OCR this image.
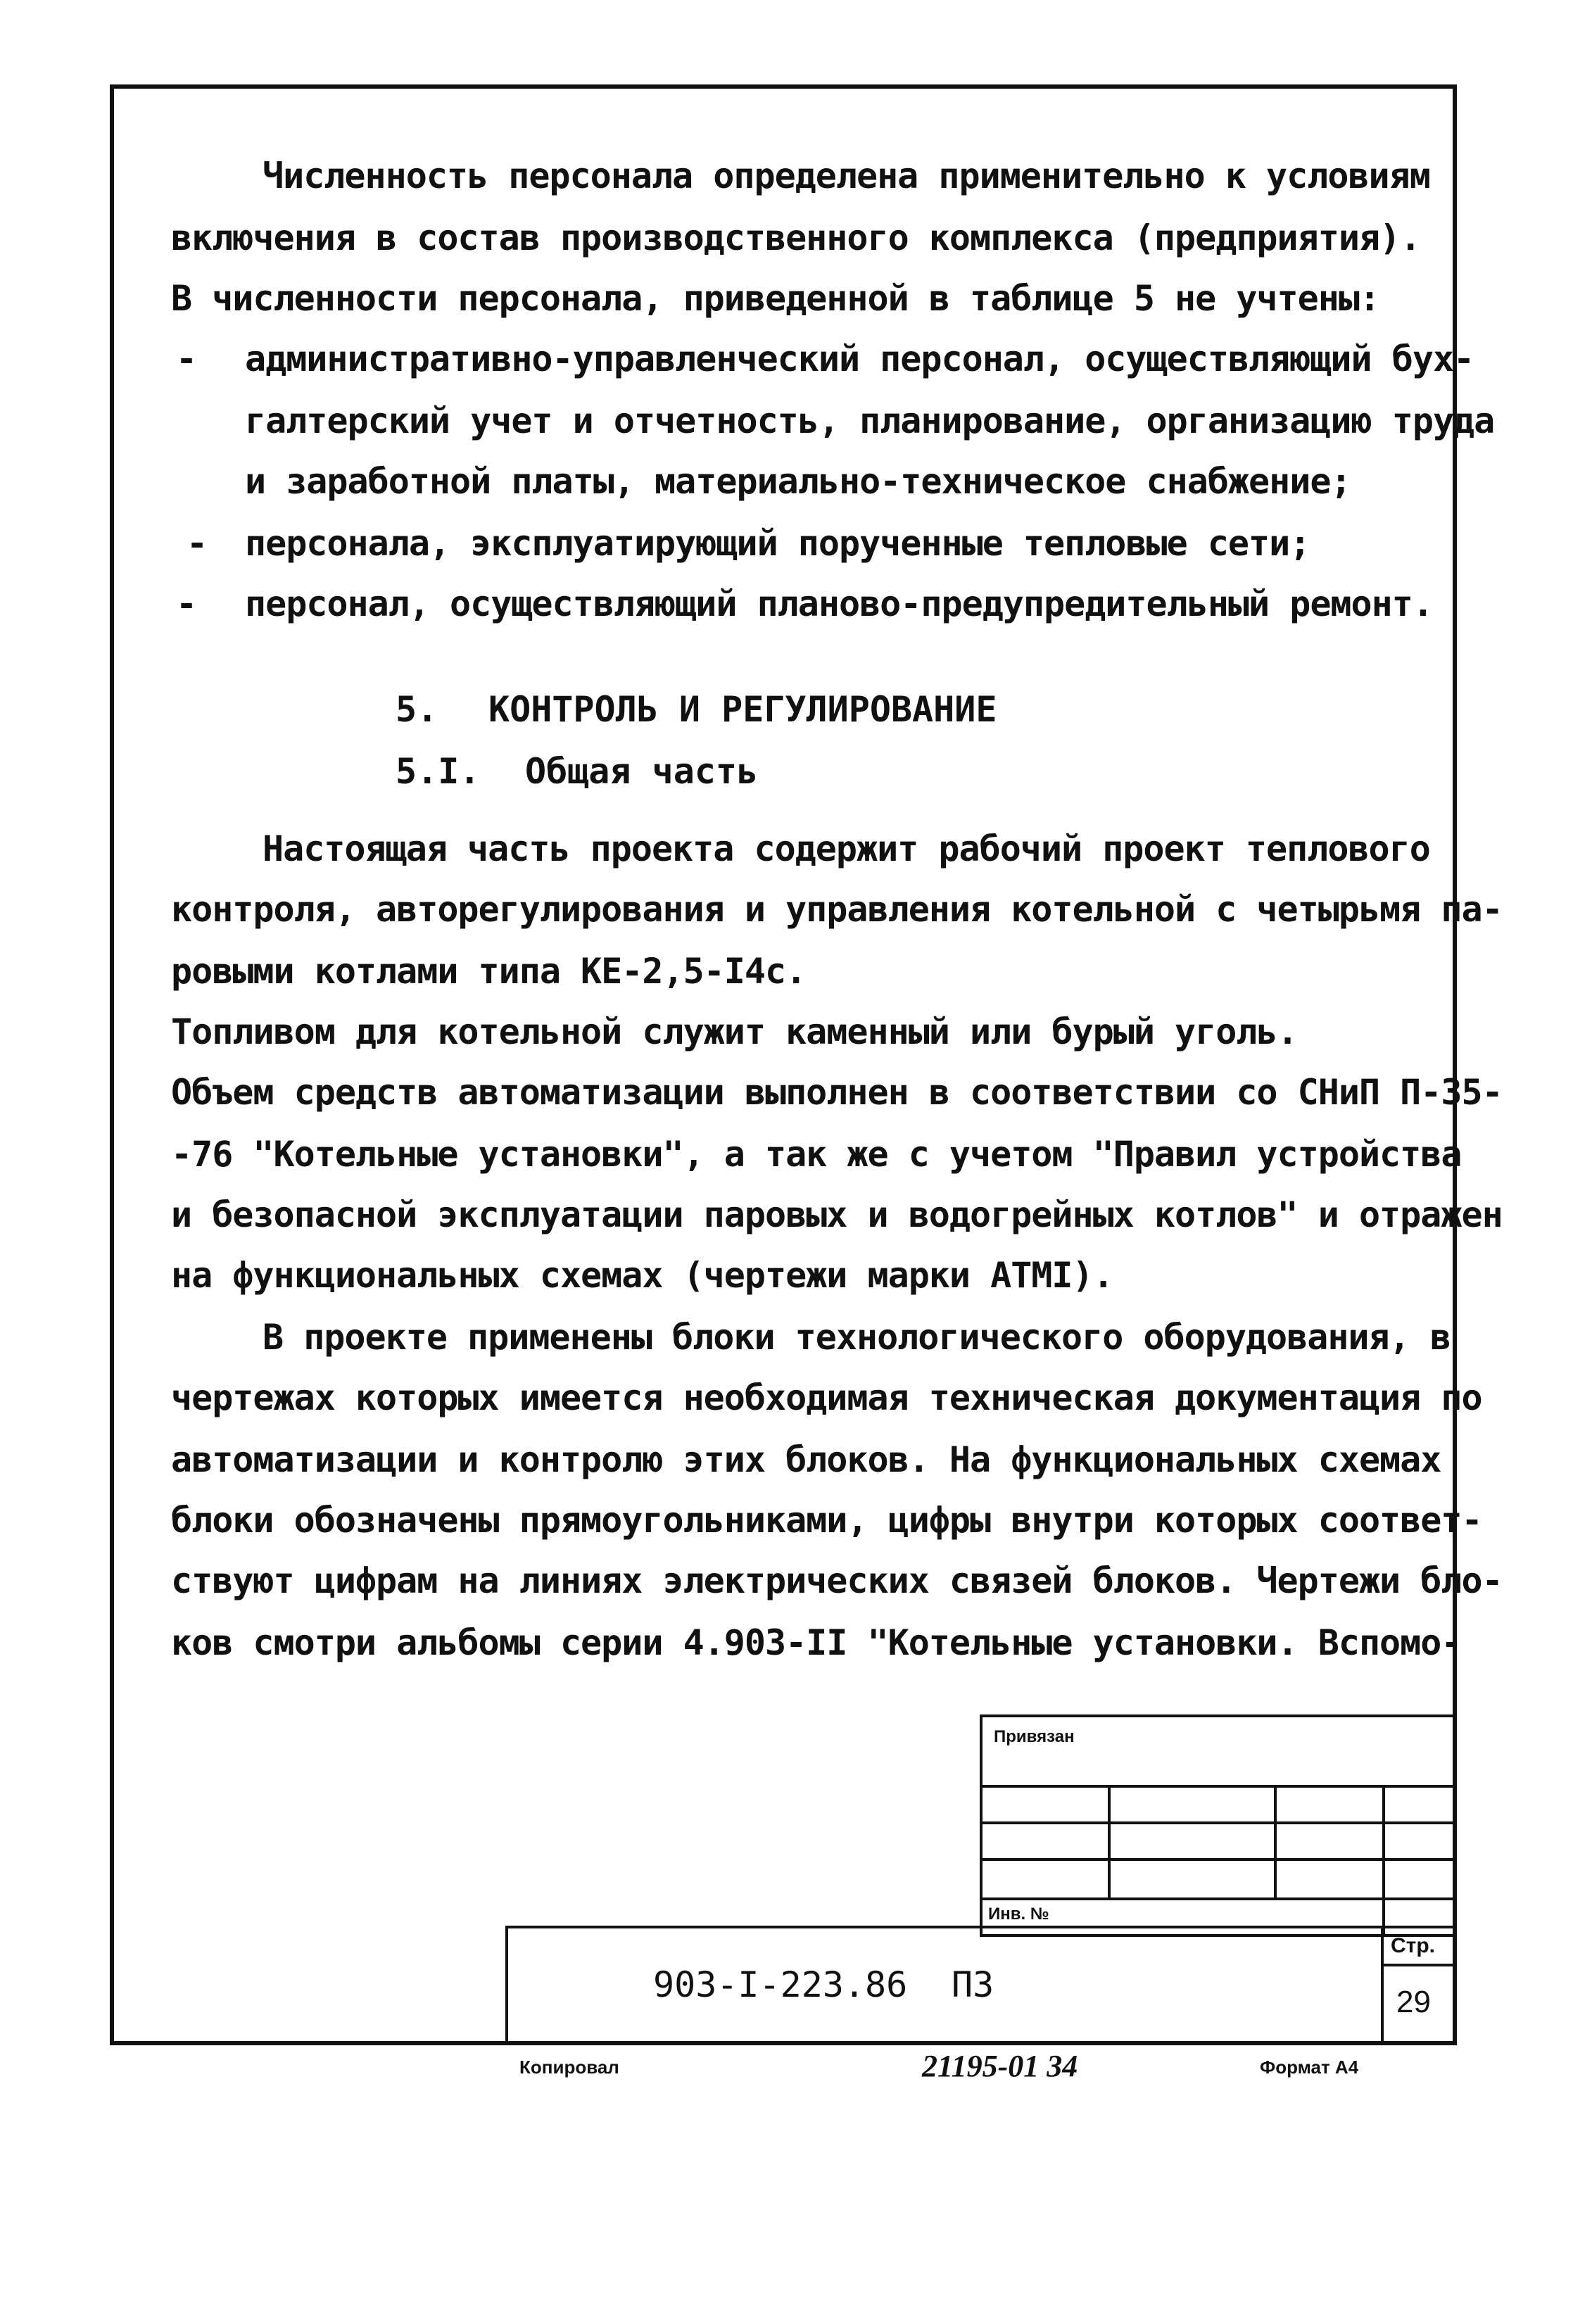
Численность персонала определена применительно к условиям

включения в состав производственного комплекса (предприятия).

В численности персонала, приведенной в таблице 5 не учтены:

- административно-управленческий персонал, осуществляющий бух-

галтерский учет и отчетность, планирование, организацию труда

и заработной платы, материально-техническое снабжение;

- персонала, эксплуатирующий порученные тепловые сети;

- персонал, осуществляющий планово-предупредительный ремонт.

5. КОНТРОЛЬ И РЕГУЛИРОВАНИЕ
5.I. Общая часть

Настоящая часть проекта содержит рабочий проект теплового

контроля, авторегулирования и управления котельной с четырьмя па-

ровыми котлами типа КЕ-2,5-I4с.

Топливом для котельной служит каменный или бурый уголь.

Объем средств автоматизации выполнен в соответствии со СНиП П-35-

-76 "Котельные установки", а так же с учетом "Правил устройства

и безопасной эксплуатации паровых и водогрейных котлов" и отражен

на функциональных схемах (чертежи марки АТМI).

В проекте применены блоки технологического оборудования, в

чертежах которых имеется необходимая техническая документация по

автоматизации и контролю этих блоков. На функциональных схемах

блоки обозначены прямоугольниками, цифры внутри которых соответ-

ствуют цифрам на линиях электрических связей блоков. Чертежи бло-

ков смотри альбомы серии 4.903-II "Котельные установки. Вспомо-

Привязан
Инв. №
903-I-223.86 ПЗ
Стр.
29
Копировал	21195-01 34	Формат А4
